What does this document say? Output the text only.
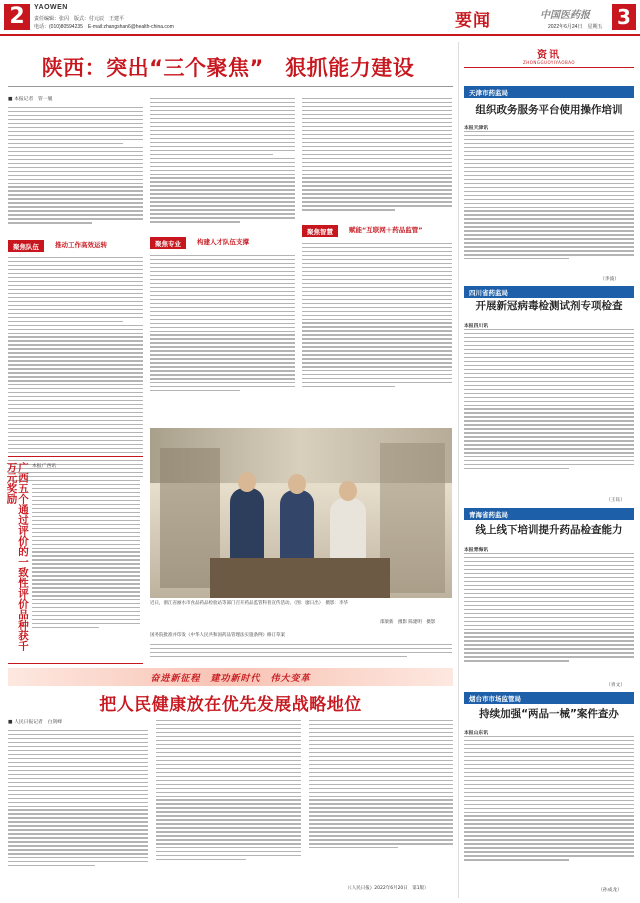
2	YAOWEN
责任编辑：张闪　版式：付元辰　王建平
电话：(010)80594235　E-mail:zhangshan6@health-china.com	要闻	中国医药报
2022年6月24日　星期五 3
陕西：突出“三个聚焦”　狠抓能力建设
■ 本报记者　管一履
聚焦队伍	推动工作高效运转	聚焦专业	构建人才队伍支撑
聚焦智慧	赋能“互联网＋药品监管”
广西五个通过评价的一致性评价品种获千万元奖励	本报广西讯
近日，浙江省丽水市食品药品检验站等部门召开药品监管科普宣传活动。（图：廖日出）　摄影：李华
邵梁新　摄影 陈建明　摄影
国务院批准并印发《中华人民共和国药品管理法实施条例》修订草案
奋进新征程　建功新时代　伟大变革
把人民健康放在优先发展战略地位
■ 人民日报记者　白剑峰
（《人民日报》2022年6月20日　第1版）
资讯
ZHONGGUOYIYAOBAO
天津市药监局
组织政务服务平台使用操作培训
本报天津讯
（李波）
四川省药监局
开展新冠病毒检测试剂专项检查
本报四川讯
（王钰）
青海省药监局
线上线下培训提升药品检查能力
本报青海讯
（青文）
烟台市市场监管局
持续加强“两品一械”案件查办
本报山东讯
（孙成龙）
